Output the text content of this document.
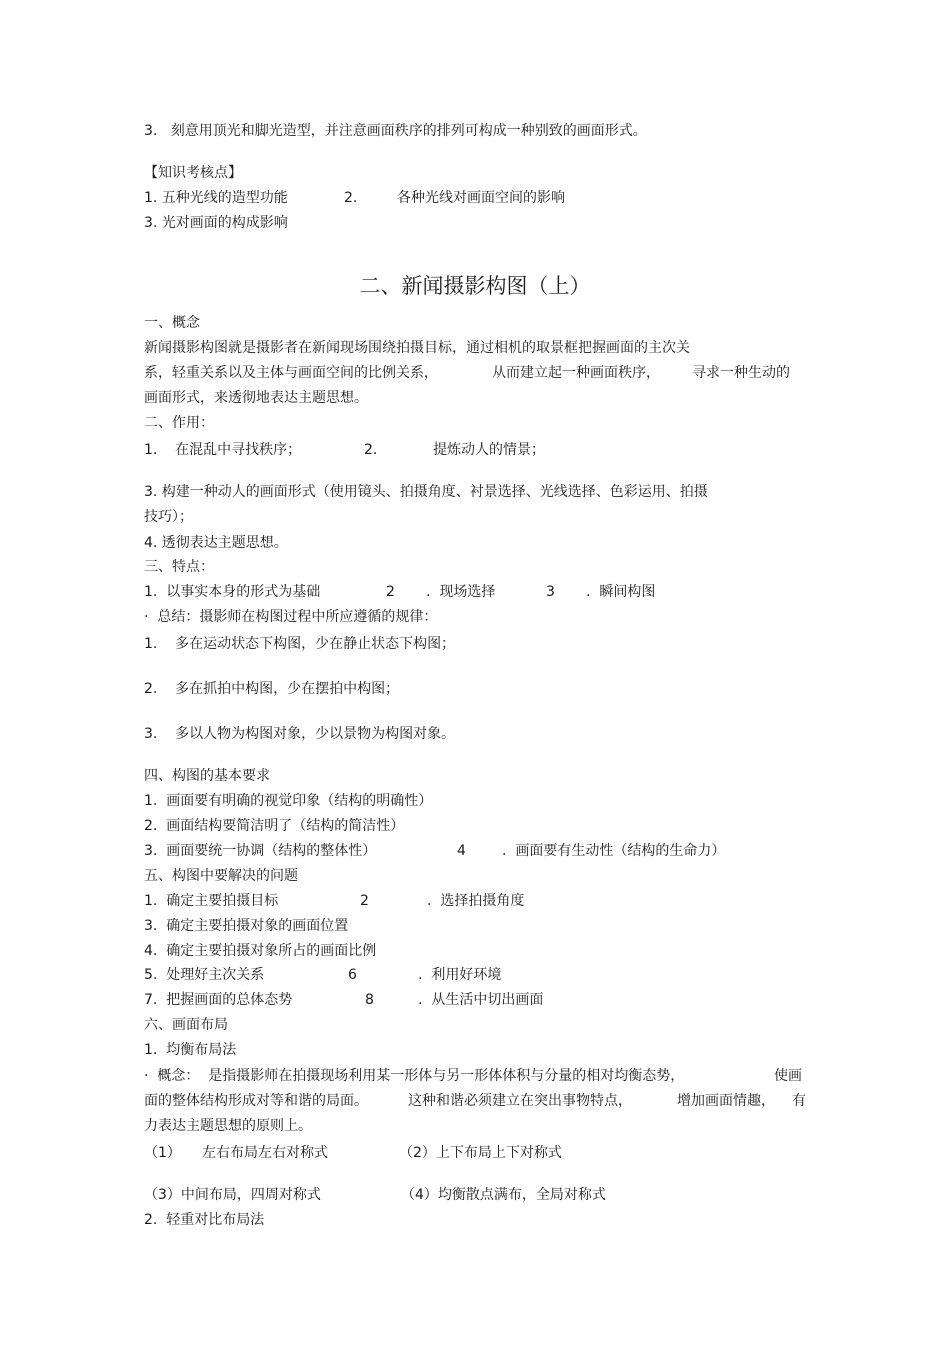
3.   刻意用顶光和脚光造型，并注意画面秩序的排列可构成一种别致的画面形式。
【知识考核点】
1. 五种光线的造型功能	2.	各种光线对画面空间的影响
3. 光对画面的构成影响
二、新闻摄影构图（上）
一、概念
新闻摄影构图就是摄影者在新闻现场围绕拍摄目标，通过相机的取景框把握画面的主次关
系，轻重关系以及主体与画面空间的比例关系，	从而建立起一种画面秩序， 寻求一种生动的
画面形式，来透彻地表达主题思想。
二、作用：
1.    在混乱中寻找秩序；	2.	提炼动人的情景；
3. 构建一种动人的画面形式（使用镜头、拍摄角度、衬景选择、光线选择、色彩运用、拍摄
技巧）；
4. 透彻表达主题思想。
三、特点：
1.  以事实本身的形式为基础	2 .  现场选择	3 .  瞬间构图
·  总结：摄影师在构图过程中所应遵循的规律：
1.    多在运动状态下构图，少在静止状态下构图；
2.    多在抓拍中构图，少在摆拍中构图；
3.    多以人物为构图对象，少以景物为构图对象。
四、构图的基本要求
1.  画面要有明确的视觉印象（结构的明确性）
2.  画面结构要简洁明了（结构的简洁性）
3.  画面要统一协调（结构的整体性）	4	.  画面要有生动性（结构的生命力）
五、构图中要解决的问题
1.  确定主要拍摄目标	2	.  选择拍摄角度
3.  确定主要拍摄对象的画面位置
4.  确定主要拍摄对象所占的画面比例
5.  处理好主次关系	6	.  利用好环境
7.  把握画面的总体态势	8	.  从生活中切出画面
六、画面布局
1.  均衡布局法
·  概念：  是指摄影师在拍摄现场利用某一形体与另一形体体积与分量的相对均衡态势，	使画
面的整体结构形成对等和谐的局面。	这种和谐必须建立在突出事物特点，	增加画面情趣， 有
力表达主题思想的原则上。
（1） 左右布局左右对称式	（2）上下布局上下对称式
（3）中间布局，四周对称式	（4）均衡散点满布，全局对称式
2.  轻重对比布局法
